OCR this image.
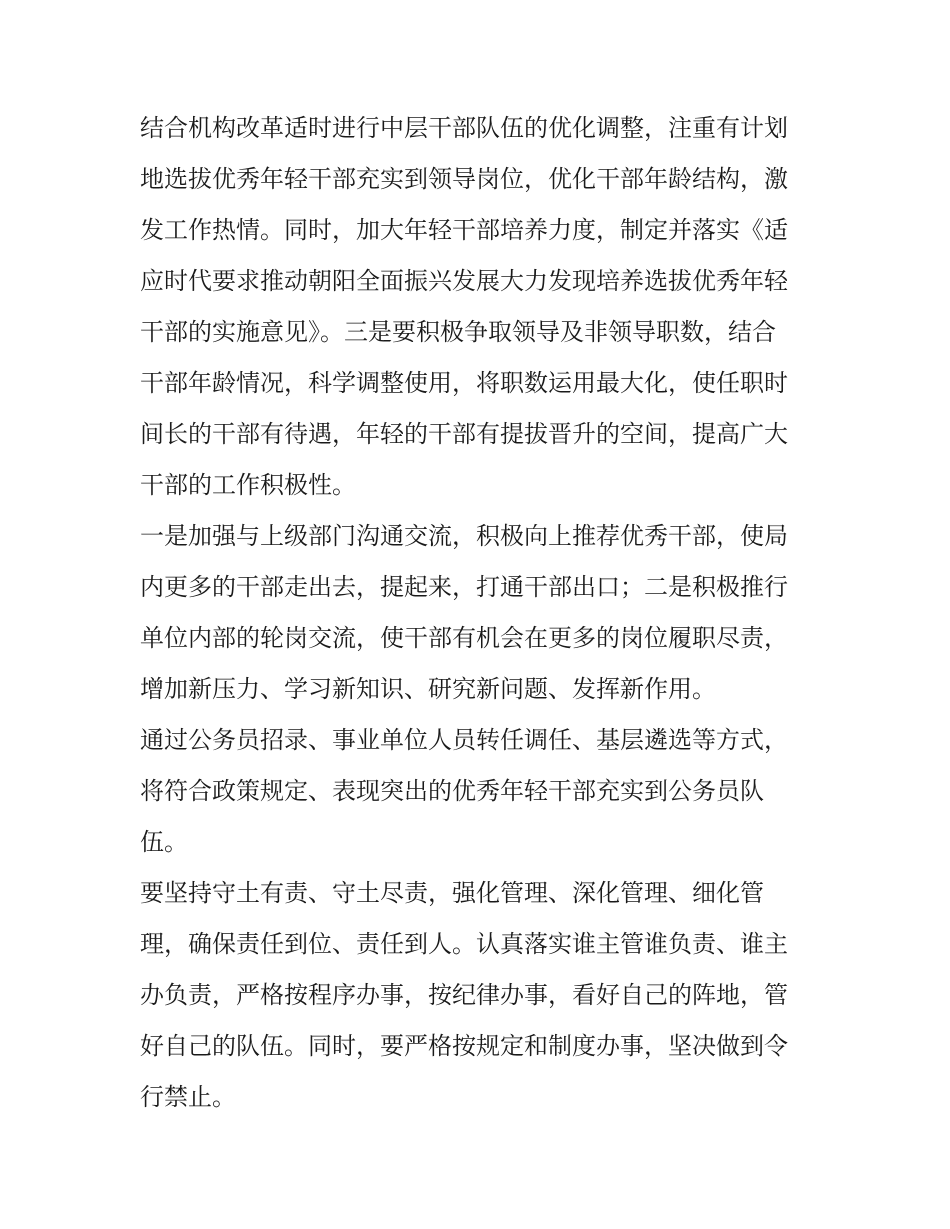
结合机构改革适时进行中层干部队伍的优化调整，注重有计划
地选拔优秀年轻干部充实到领导岗位，优化干部年龄结构，激
发工作热情。同时，加大年轻干部培养力度，制定并落实《适
应时代要求推动朝阳全面振兴发展大力发现培养选拔优秀年轻
干部的实施意见》。三是要积极争取领导及非领导职数，结合
干部年龄情况，科学调整使用，将职数运用最大化，使任职时
间长的干部有待遇，年轻的干部有提拔晋升的空间，提高广大
干部的工作积极性。

一是加强与上级部门沟通交流，积极向上推荐优秀干部，使局
内更多的干部走出去，提起来，打通干部出口；二是积极推行
单位内部的轮岗交流，使干部有机会在更多的岗位履职尽责，
增加新压力、学习新知识、研究新问题、发挥新作用。

通过公务员招录、事业单位人员转任调任、基层遴选等方式，
将符合政策规定、表现突出的优秀年轻干部充实到公务员队
伍。

要坚持守土有责、守土尽责，强化管理、深化管理、细化管
理，确保责任到位、责任到人。认真落实谁主管谁负责、谁主
办负责，严格按程序办事，按纪律办事，看好自己的阵地，管
好自己的队伍。同时，要严格按规定和制度办事，坚决做到令
行禁止。
